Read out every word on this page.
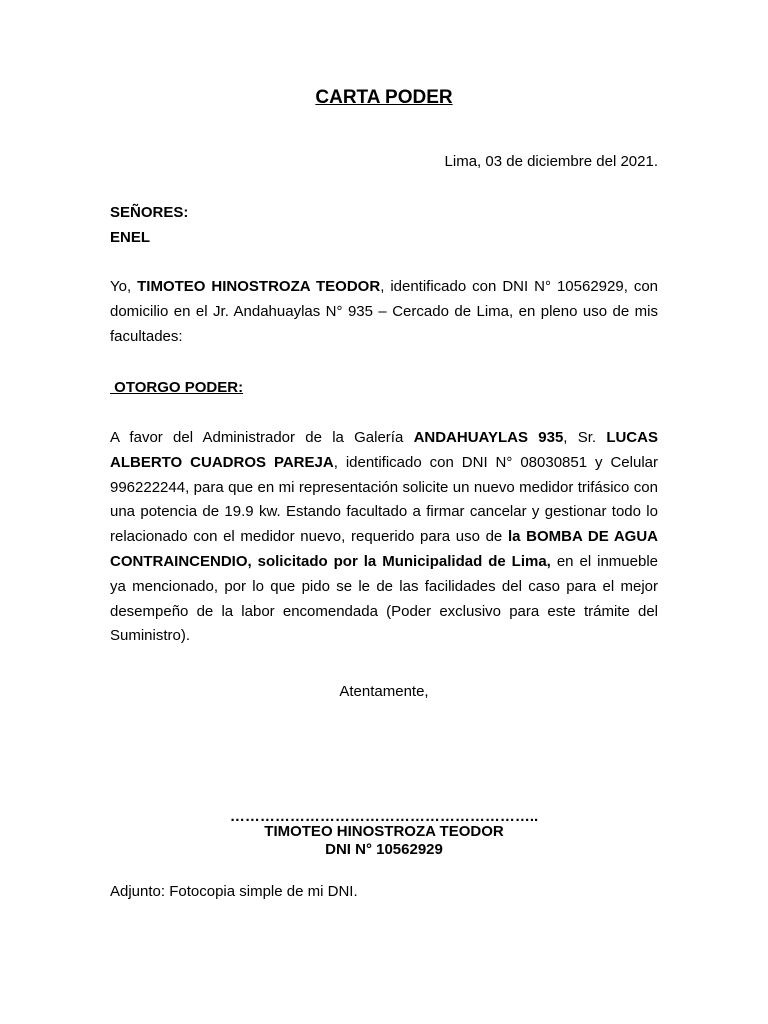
CARTA PODER
Lima, 03 de diciembre del 2021.
SEÑORES:
ENEL
Yo, TIMOTEO HINOSTROZA TEODOR, identificado con DNI N° 10562929, con domicilio en el Jr. Andahuaylas N° 935 – Cercado de Lima, en pleno uso de mis facultades:
OTORGO PODER:
A favor del Administrador de la Galería ANDAHUAYLAS 935, Sr. LUCAS ALBERTO CUADROS PAREJA, identificado con DNI N° 08030851 y Celular 996222244, para que en mi representación solicite un nuevo medidor trifásico con una potencia de 19.9 kw. Estando facultado a firmar cancelar y gestionar todo lo relacionado con el medidor nuevo, requerido para uso de la BOMBA DE AGUA CONTRAINCENDIO, solicitado por la Municipalidad de Lima, en el inmueble ya mencionado, por lo que pido se le de las facilidades del caso para el mejor desempeño de la labor encomendada (Poder exclusivo para este trámite del Suministro).
Atentamente,
……………………………………………………..
TIMOTEO HINOSTROZA TEODOR
DNI N° 10562929
Adjunto: Fotocopia simple de mi DNI.
